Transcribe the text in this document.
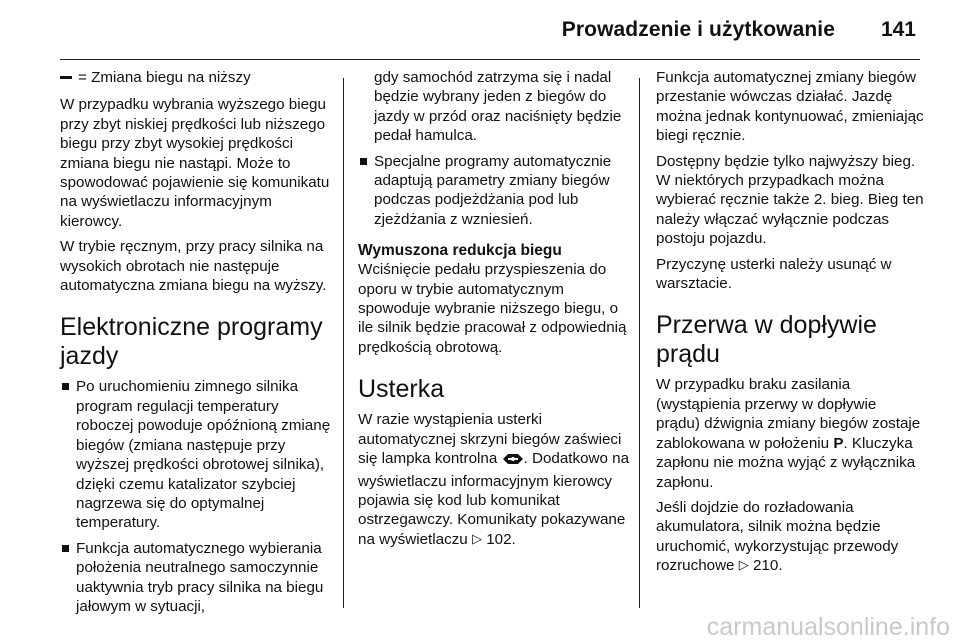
Prowadzenie i użytkowanie 141
=
Zmiana biegu na niższy

W przypadku wybrania wyższego biegu przy zbyt niskiej prędkości lub niższego biegu przy zbyt wysokiej prędkości zmiana biegu nie nastąpi. Może to spowodować pojawienie się komunikatu na wyświetlaczu informacyjnym kierowcy.

W trybie ręcznym, przy pracy silnika na wysokich obrotach nie następuje automatyczna zmiana biegu na wyższy.

Elektroniczne programy jazdy
Po uruchomieniu zimnego silnika program regulacji temperatury roboczej powoduje opóźnioną zmianę biegów (zmiana następuje przy wyższej prędkości obrotowej silnika), dzięki czemu katalizator szybciej nagrzewa się do optymalnej temperatury.
Funkcja automatycznego wybierania położenia neutralnego samoczynnie uaktywnia tryb pracy silnika na biegu jałowym w sytuacji,

gdy samochód zatrzyma się i nadal będzie wybrany jeden z biegów do jazdy w przód oraz naciśnięty będzie pedał hamulca.

Specjalne programy automatycznie adaptują parametry zmiany biegów podczas podjeżdżania pod lub zjeżdżania z wzniesień.
Wymuszona redukcja biegu

Wciśnięcie pedału przyspieszenia do oporu w trybie automatycznym spowoduje wybranie niższego biegu, o ile silnik będzie pracował z odpowiednią prędkością obrotową.

Usterka

W razie wystąpienia usterki automatycznej skrzyni biegów zaświeci się lampka kontrolna . Dodatkowo na wyświetlaczu informacyjnym kierowcy pojawia się kod lub komunikat ostrzegawczy. Komunikaty pokazywane na wyświetlaczu ▷ 102.

Funkcja automatycznej zmiany biegów przestanie wówczas działać. Jazdę można jednak kontynuować, zmieniając biegi ręcznie.

Dostępny będzie tylko najwyższy bieg. W niektórych przypadkach można wybierać ręcznie także 2. bieg. Bieg ten należy włączać wyłącznie podczas postoju pojazdu.

Przyczynę usterki należy usunąć w warsztacie.

Przerwa w dopływie prądu

W przypadku braku zasilania (wystąpienia przerwy w dopływie prądu) dźwignia zmiany biegów zostaje zablokowana w położeniu P. Kluczyka zapłonu nie można wyjąć z wyłącznika zapłonu.

Jeśli dojdzie do rozładowania akumulatora, silnik można będzie uruchomić, wykorzystując przewody rozruchowe ▷ 210.

carmanualsonline.info
